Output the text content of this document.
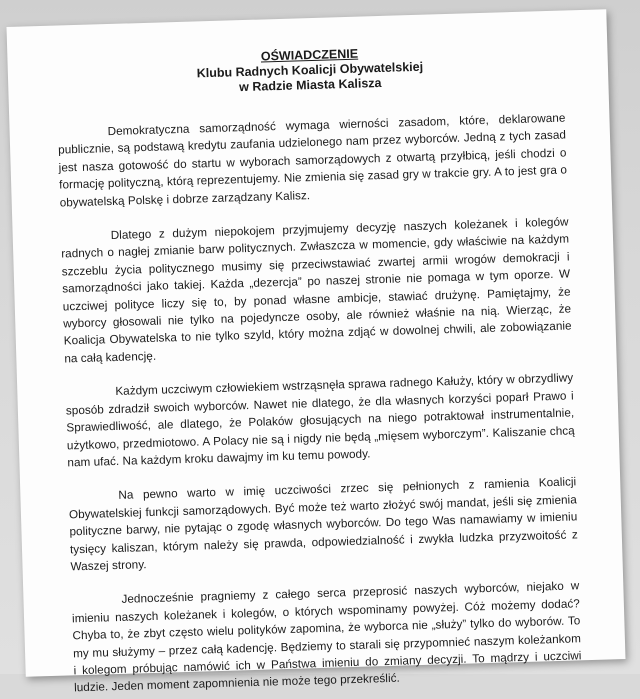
OŚWIADCZENIE
Klubu Radnych Koalicji Obywatelskiej
w Radzie Miasta Kalisza

Demokratyczna samorządność wymaga wierności zasadom, które, deklarowane publicznie, są podstawą kredytu zaufania udzielonego nam przez wyborców. Jedną z tych zasad jest nasza gotowość do startu w wyborach samorządowych z otwartą przyłbicą, jeśli chodzi o formację polityczną, którą reprezentujemy. Nie zmienia się zasad gry w trakcie gry. A to jest gra o obywatelską Polskę i dobrze zarządzany Kalisz.

Dlatego z dużym niepokojem przyjmujemy decyzję naszych koleżanek i kolegów radnych o nagłej zmianie barw politycznych. Zwłaszcza w momencie, gdy właściwie na każdym szczeblu życia politycznego musimy się przeciwstawiać zwartej armii wrogów demokracji i samorządności jako takiej. Każda „dezercja” po naszej stronie nie pomaga w tym oporze. W uczciwej polityce liczy się to, by ponad własne ambicje, stawiać drużynę. Pamiętajmy, że wyborcy głosowali nie tylko na pojedyncze osoby, ale również właśnie na nią. Wierząc, że Koalicja Obywatelska to nie tylko szyld, który można zdjąć w dowolnej chwili, ale zobowiązanie na całą kadencję.

Każdym uczciwym człowiekiem wstrząsnęła sprawa radnego Kałuży, który w obrzydliwy sposób zdradził swoich wyborców. Nawet nie dlatego, że dla własnych korzyści poparł Prawo i Sprawiedliwość, ale dlatego, że Polaków głosujących na niego potraktował instrumentalnie, użytkowo, przedmiotowo. A Polacy nie są i nigdy nie będą „mięsem wyborczym”. Kaliszanie chcą nam ufać. Na każdym kroku dawajmy im ku temu powody.

Na pewno warto w imię uczciwości zrzec się pełnionych z ramienia Koalicji Obywatelskiej funkcji samorządowych. Być może też warto złożyć swój mandat, jeśli się zmienia polityczne barwy, nie pytając o zgodę własnych wyborców. Do tego Was namawiamy w imieniu tysięcy kaliszan, którym należy się prawda, odpowiedzialność i zwykła ludzka przyzwoitość z Waszej strony.

Jednocześnie pragniemy z całego serca przeprosić naszych wyborców, niejako w imieniu naszych koleżanek i kolegów, o których wspominamy powyżej. Cóż możemy dodać? Chyba to, że zbyt często wielu polityków zapomina, że wyborca nie „służy” tylko do wyborów. To my mu służymy – przez całą kadencję. Będziemy to starali się przypomnieć naszym koleżankom i kolegom próbując namówić ich w Państwa imieniu do zmiany decyzji. To mądrzy i uczciwi ludzie. Jeden moment zapomnienia nie może tego przekreślić.
